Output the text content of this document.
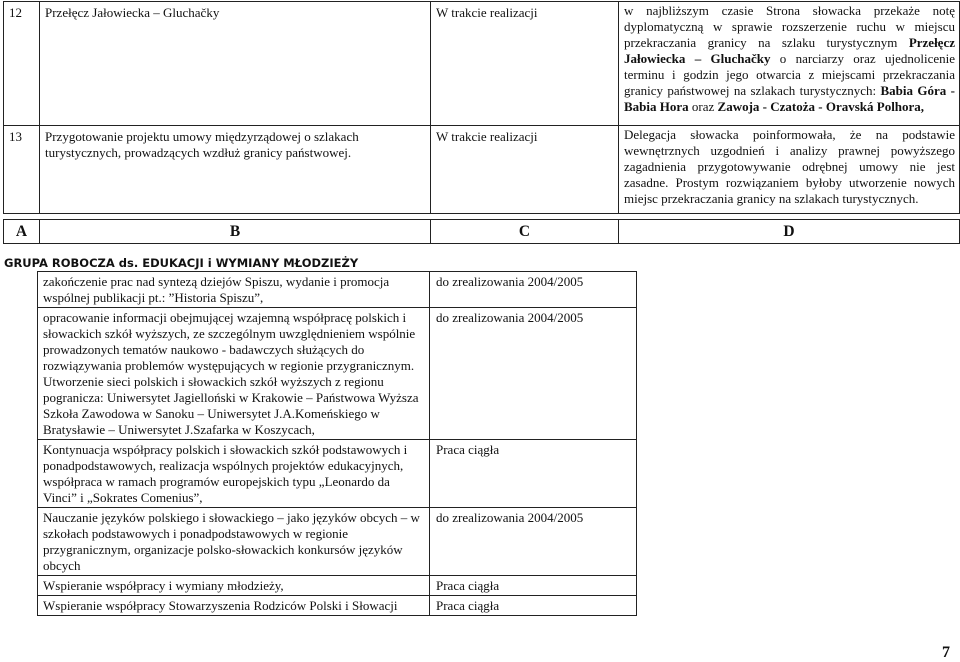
12	Przełęcz Jałowiecka – Gluchačky	W trakcie realizacji	w najbliższym czasie Strona słowacka przekaże notę dyplomatyczną w sprawie rozszerzenie ruchu w miejscu przekraczania granicy na szlaku turystycznym Przełęcz Jałowiecka – Gluchačky o narciarzy oraz ujednolicenie terminu i godzin jego otwarcia z miejscami przekraczania granicy państwowej na szlakach turystycznych: Babia Góra - Babia Hora oraz Zawoja - Czatoża - Oravská Polhora,
13	Przygotowanie projektu umowy międzyrządowej o szlakach turystycznych, prowadzących wzdłuż granicy państwowej.	W trakcie realizacji	Delegacja słowacka poinformowała, że na podstawie wewnętrznych uzgodnień i analizy prawnej powyższego zagadnienia przygotowywanie odrębnej umowy nie jest zasadne. Prostym rozwiązaniem byłoby utworzenie nowych miejsc przekraczania granicy na szlakach turystycznych.
A	B	C	D
GRUPA ROBOCZA ds. EDUKACJI i WYMIANY MŁODZIEŻY
zakończenie prac nad syntezą dziejów Spiszu, wydanie i promocja wspólnej publikacji pt.: ”Historia Spiszu”,	do zrealizowania 2004/2005
opracowanie informacji obejmującej wzajemną współpracę polskich i słowackich szkół wyższych, ze szczególnym uwzględnieniem wspólnie prowadzonych tematów naukowo - badawczych służących do rozwiązywania problemów występujących w regionie przygranicznym. Utworzenie sieci polskich i słowackich szkół wyższych z regionu pogranicza: Uniwersytet Jagielloński w Krakowie – Państwowa Wyższa Szkoła Zawodowa w Sanoku – Uniwersytet J.A.Komeńskiego w Bratysławie – Uniwersytet J.Szafarka w Koszycach,	do zrealizowania 2004/2005
Kontynuacja współpracy polskich i słowackich szkół podstawowych i ponadpodstawowych, realizacja wspólnych projektów edukacyjnych, współpraca w ramach programów europejskich typu „Leonardo da Vinci” i „Sokrates Comenius”,	Praca ciągła
Nauczanie języków polskiego i słowackiego – jako języków obcych – w szkołach podstawowych i ponadpodstawowych w regionie przygranicznym, organizacje polsko-słowackich konkursów języków obcych	do zrealizowania 2004/2005
Wspieranie współpracy i wymiany młodzieży,	Praca ciągła
Wspieranie współpracy Stowarzyszenia Rodziców Polski i Słowacji	Praca ciągła
7
